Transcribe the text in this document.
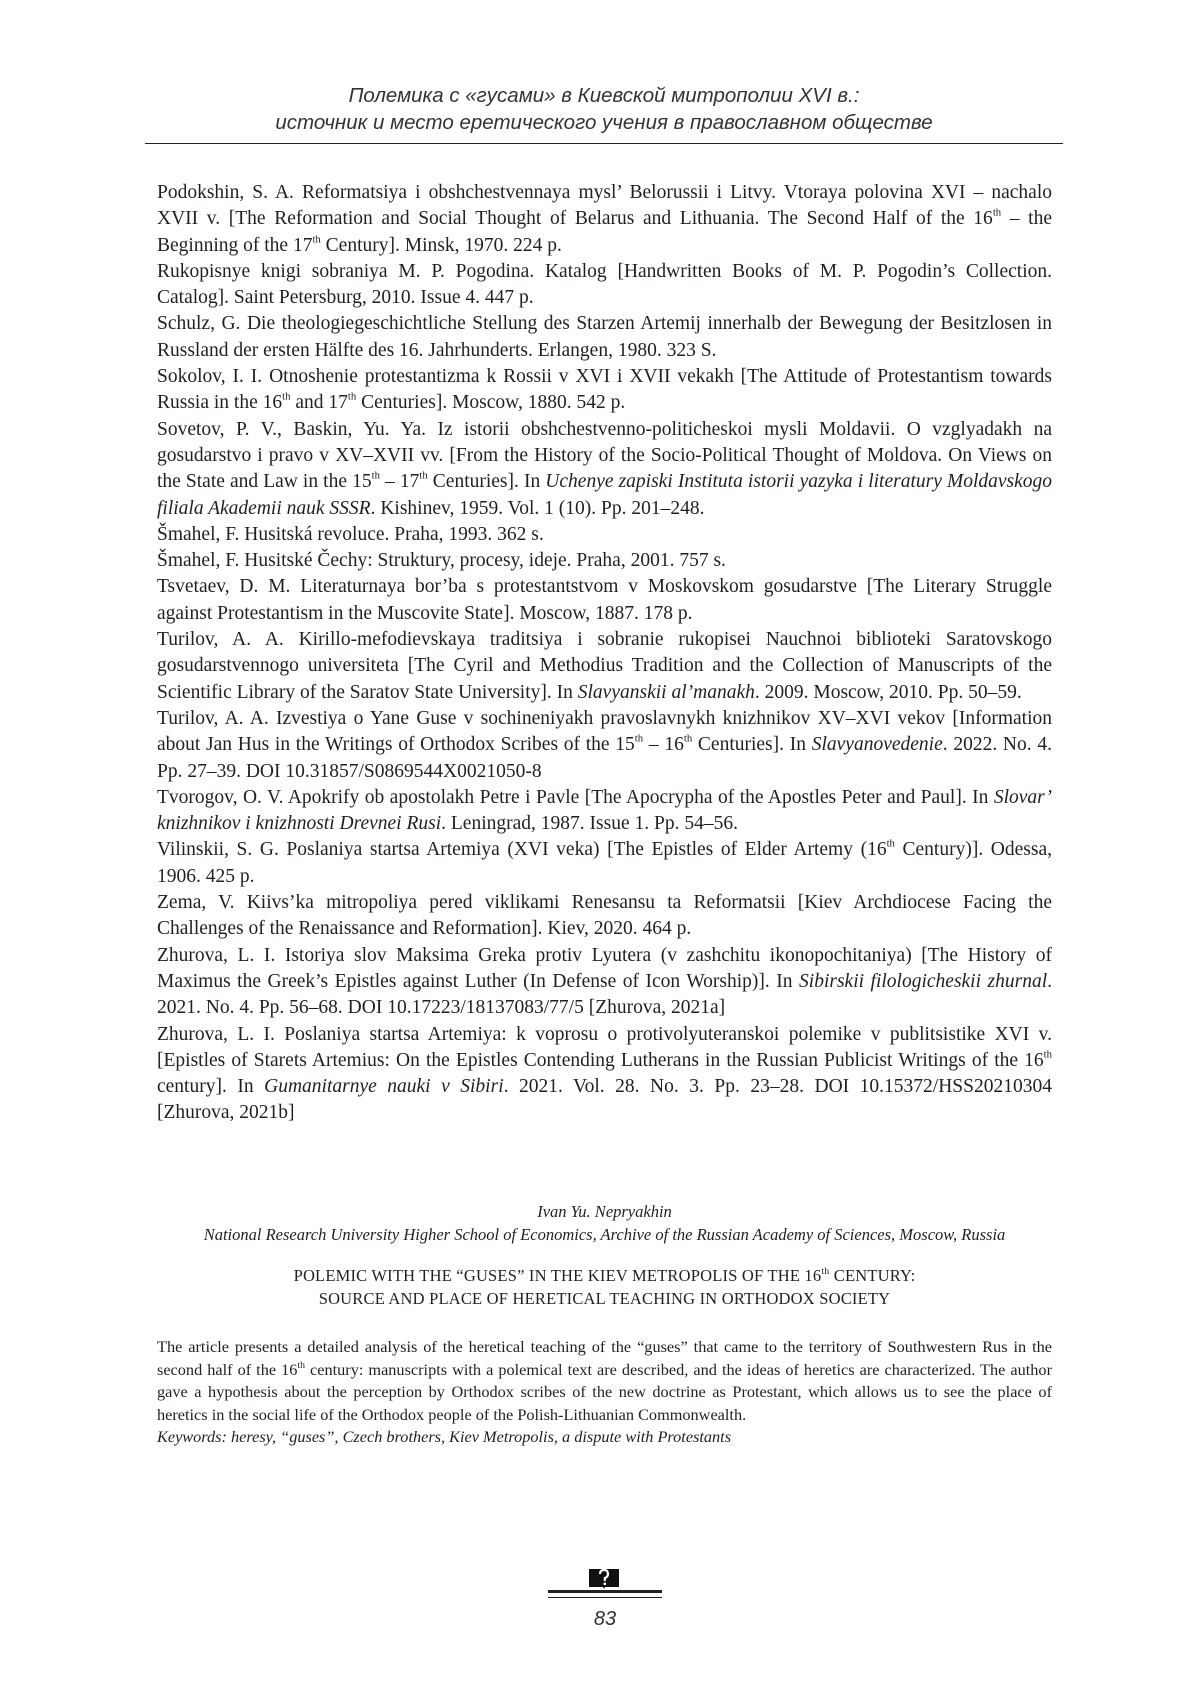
Полемика с «гусами» в Киевской митрополии XVI в.:
источник и место еретического учения в православном обществе

Podokshin, S. A. Reformatsiya i obshchestvennaya mysl’ Belorussii i Litvy. Vtoraya polovina XVI – nachalo XVII v. [The Reformation and Social Thought of Belarus and Lithuania. The Second Half of the 16th – the Beginning of the 17th Century]. Minsk, 1970. 224 p.

Rukopisnye knigi sobraniya M. P. Pogodina. Katalog [Handwritten Books of M. P. Pogodin’s Collection. Catalog]. Saint Petersburg, 2010. Issue 4. 447 p.

Schulz, G. Die theologiegeschichtliche Stellung des Starzen Artemij innerhalb der Bewegung der Besitzlosen in Russland der ersten Hälfte des 16. Jahrhunderts. Erlangen, 1980. 323 S.

Sokolov, I. I. Otnoshenie protestantizma k Rossii v XVI i XVII vekakh [The Attitude of Protestantism towards Russia in the 16th and 17th Centuries]. Moscow, 1880. 542 p.

Sovetov, P. V., Baskin, Yu. Ya. Iz istorii obshchestvenno-politicheskoi mysli Moldavii. O vzglyadakh na gosudarstvo i pravo v XV–XVII vv. [From the History of the Socio-Political Thought of Moldova. On Views on the State and Law in the 15th – 17th Centuries]. In Uchenye zapiski Instituta istorii yazyka i literatury Moldavskogo filiala Akademii nauk SSSR. Kishinev, 1959. Vol. 1 (10). Pp. 201–248.

Šmahel, F. Husitská revoluce. Praha, 1993. 362 s.

Šmahel, F. Husitské Čechy: Struktury, procesy, ideje. Praha, 2001. 757 s.

Tsvetaev, D. M. Literaturnaya bor’ba s protestantstvom v Moskovskom gosudarstve [The Literary Struggle against Protestantism in the Muscovite State]. Moscow, 1887. 178 p.

Turilov, A. A. Kirillo-mefodievskaya traditsiya i sobranie rukopisei Nauchnoi biblioteki Saratovskogo gosudarstvennogo universiteta [The Cyril and Methodius Tradition and the Collection of Manuscripts of the Scientific Library of the Saratov State University]. In Slavyanskii al’manakh. 2009. Moscow, 2010. Pp. 50–59.

Turilov, A. A. Izvestiya o Yane Guse v sochineniyakh pravoslavnykh knizhnikov XV–XVI vekov [Information about Jan Hus in the Writings of Orthodox Scribes of the 15th – 16th Centuries]. In Slavyanovedenie. 2022. No. 4. Pp. 27–39. DOI 10.31857/S0869544X0021050-8

Tvorogov, O. V. Apokrify ob apostolakh Petre i Pavle [The Apocrypha of the Apostles Peter and Paul]. In Slovar’ knizhnikov i knizhnosti Drevnei Rusi. Leningrad, 1987. Issue 1. Pp. 54–56.

Vilinskii, S. G. Poslaniya startsa Artemiya (XVI veka) [The Epistles of Elder Artemy (16th Century)]. Odessa, 1906. 425 p.

Zema, V. Kiivs’ka mitropoliya pered viklikami Renesansu ta Reformatsii [Kiev Archdiocese Facing the Challenges of the Renaissance and Reformation]. Kiev, 2020. 464 p.

Zhurova, L. I. Istoriya slov Maksima Greka protiv Lyutera (v zashchitu ikonopochitaniya) [The History of Maximus the Greek’s Epistles against Luther (In Defense of Icon Worship)]. In Sibirskii filologicheskii zhurnal. 2021. No. 4. Pp. 56–68. DOI 10.17223/18137083/77/5 [Zhurova, 2021a]

Zhurova, L. I. Poslaniya startsa Artemiya: k voprosu o protivolyuteranskoi polemike v publitsistike XVI v. [Epistles of Starets Artemius: On the Epistles Contending Lutherans in the Russian Publicist Writings of the 16th century]. In Gumanitarnye nauki v Sibiri. 2021. Vol. 28. No. 3. Pp. 23–28. DOI 10.15372/HSS20210304 [Zhurova, 2021b]

Ivan Yu. Nepryakhin
National Research University Higher School of Economics, Archive of the Russian Academy of Sciences, Moscow, Russia
POLEMIC WITH THE “GUSES” IN THE KIEV METROPOLIS OF THE 16th CENTURY:
SOURCE AND PLACE OF HERETICAL TEACHING IN ORTHODOX SOCIETY

The article presents a detailed analysis of the heretical teaching of the “guses” that came to the territory of Southwestern Rus in the second half of the 16th century: manuscripts with a polemical text are described, and the ideas of heretics are characterized. The author gave a hypothesis about the perception by Orthodox scribes of the new doctrine as Protestant, which allows us to see the place of heretics in the social life of the Orthodox people of the Polish-Lithuanian Commonwealth.

Keywords: heresy, “guses”, Czech brothers, Kiev Metropolis, a dispute with Protestants

83
